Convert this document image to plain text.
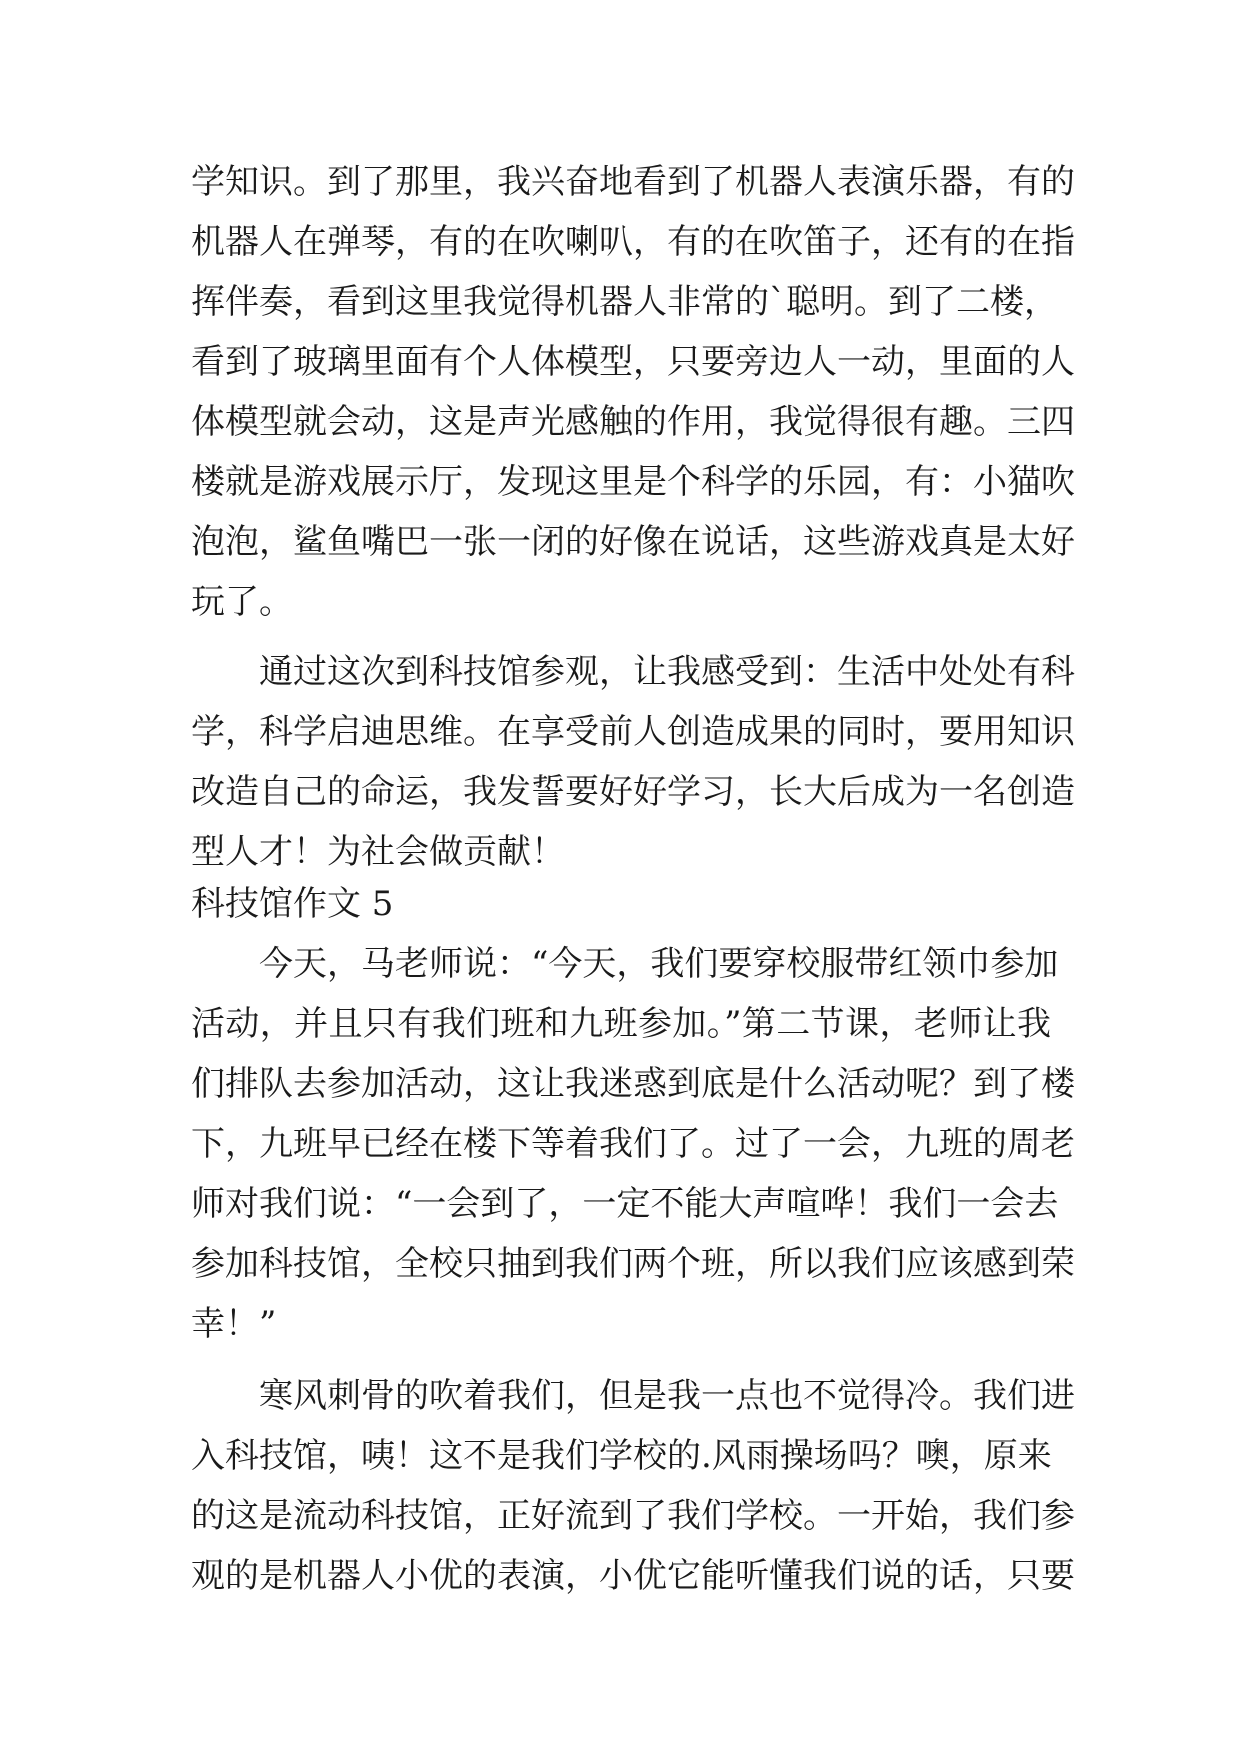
学知识。到了那里，我兴奋地看到了机器人表演乐器，有的
机器人在弹琴，有的在吹喇叭，有的在吹笛子，还有的在指
挥伴奏，看到这里我觉得机器人非常的`聪明。到了二楼，
看到了玻璃里面有个人体模型，只要旁边人一动，里面的人
体模型就会动，这是声光感触的作用，我觉得很有趣。三四
楼就是游戏展示厅，发现这里是个科学的乐园，有：小猫吹
泡泡，鲨鱼嘴巴一张一闭的好像在说话，这些游戏真是太好
玩了。
通过这次到科技馆参观，让我感受到：生活中处处有科
学，科学启迪思维。在享受前人创造成果的同时，要用知识
改造自己的命运，我发誓要好好学习，长大后成为一名创造
型人才！为社会做贡献！
科技馆作文 5
今天，马老师说：“今天，我们要穿校服带红领巾参加
活动，并且只有我们班和九班参加。”第二节课，老师让我
们排队去参加活动，这让我迷惑到底是什么活动呢？到了楼
下，九班早已经在楼下等着我们了。过了一会，九班的周老
师对我们说：“一会到了，一定不能大声喧哗！我们一会去
参加科技馆，全校只抽到我们两个班，所以我们应该感到荣
幸！”
寒风刺骨的吹着我们，但是我一点也不觉得冷。我们进
入科技馆，咦！这不是我们学校的.风雨操场吗？噢，原来
的这是流动科技馆，正好流到了我们学校。一开始，我们参
观的是机器人小优的表演，小优它能听懂我们说的话，只要
